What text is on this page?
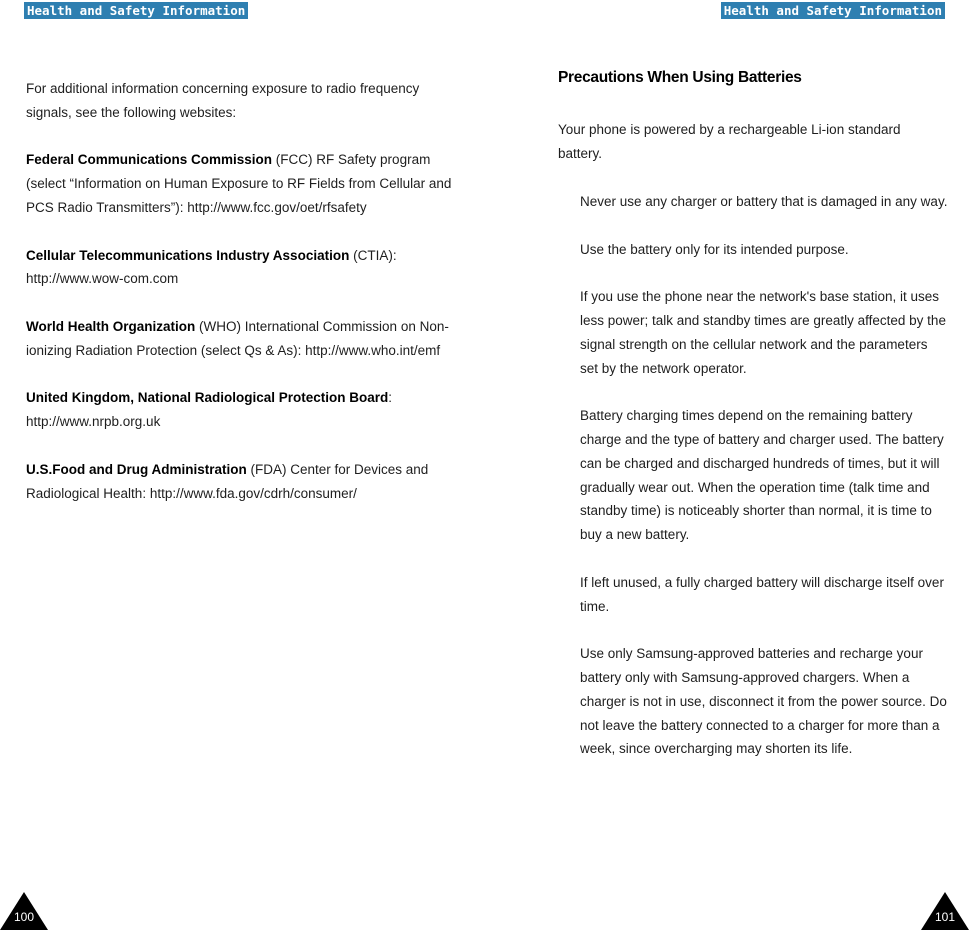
Health and Safety Information

For additional information concerning exposure to radio frequency signals, see the following websites:

Federal Communications Commission (FCC) RF Safety program (select “Information on Human Exposure to RF Fields from Cellular and PCS Radio Transmitters”): http://www.fcc.gov/oet/rfsafety

Cellular Telecommunications Industry Association (CTIA): http://www.wow-com.com

World Health Organization (WHO) International Commission on Non-ionizing Radiation Protection (select Qs & As): http://www.who.int/emf

United Kingdom, National Radiological Protection Board: http://www.nrpb.org.uk

U.S.Food and Drug Administration (FDA) Center for Devices and Radiological Health: http://www.fda.gov/cdrh/consumer/

100
Health and Safety Information
Precautions When Using Batteries
Your phone is powered by a rechargeable Li-ion standard battery.

Never use any charger or battery that is damaged in any way.

Use the battery only for its intended purpose.

If you use the phone near the network's base station, it uses less power; talk and standby times are greatly affected by the signal strength on the cellular network and the parameters set by the network operator.

Battery charging times depend on the remaining battery charge and the type of battery and charger used. The battery can be charged and discharged hundreds of times, but it will gradually wear out. When the operation time (talk time and standby time) is noticeably shorter than normal, it is time to buy a new battery.

If left unused, a fully charged battery will discharge itself over time.

Use only Samsung-approved batteries and recharge your battery only with Samsung-approved chargers. When a charger is not in use, disconnect it from the power source. Do not leave the battery connected to a charger for more than a week, since overcharging may shorten its life.

101
